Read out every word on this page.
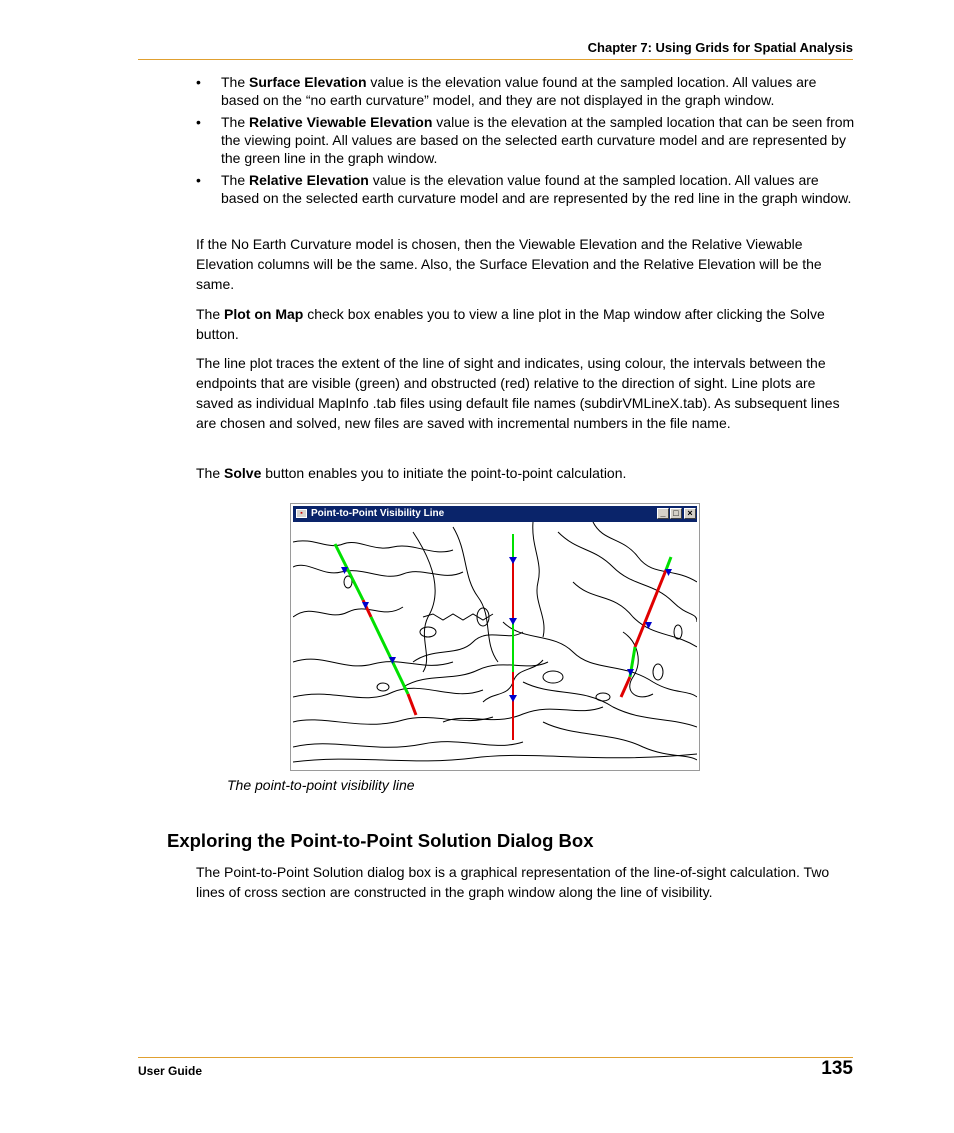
Chapter 7: Using Grids for Spatial Analysis
• The Surface Elevation value is the elevation value found at the sampled location. All values are based on the “no earth curvature” model, and they are not displayed in the graph window.
• The Relative Viewable Elevation value is the elevation at the sampled location that can be seen from the viewing point. All values are based on the selected earth curvature model and are represented by the green line in the graph window.
• The Relative Elevation value is the elevation value found at the sampled location. All values are based on the selected earth curvature model and are represented by the red line in the graph window.

If the No Earth Curvature model is chosen, then the Viewable Elevation and the Relative Viewable Elevation columns will be the same. Also, the Surface Elevation and the Relative Elevation will be the same.

The Plot on Map check box enables you to view a line plot in the Map window after clicking the Solve button.

The line plot traces the extent of the line of sight and indicates, using colour, the intervals between the endpoints that are visible (green) and obstructed (red) relative to the direction of sight. Line plots are saved as individual MapInfo .tab files using default file names (subdirVMLineX.tab). As subsequent lines are chosen and solved, new files are saved with incremental numbers in the file name.

The Solve button enables you to initiate the point-to-point calculation.

▪ Point-to-Point Visibility Line	_ □ ×
The point-to-point visibility line
Exploring the Point-to-Point Solution Dialog Box

The Point-to-Point Solution dialog box is a graphical representation of the line-of-sight calculation. Two lines of cross section are constructed in the graph window along the line of visibility.

User Guide	135
